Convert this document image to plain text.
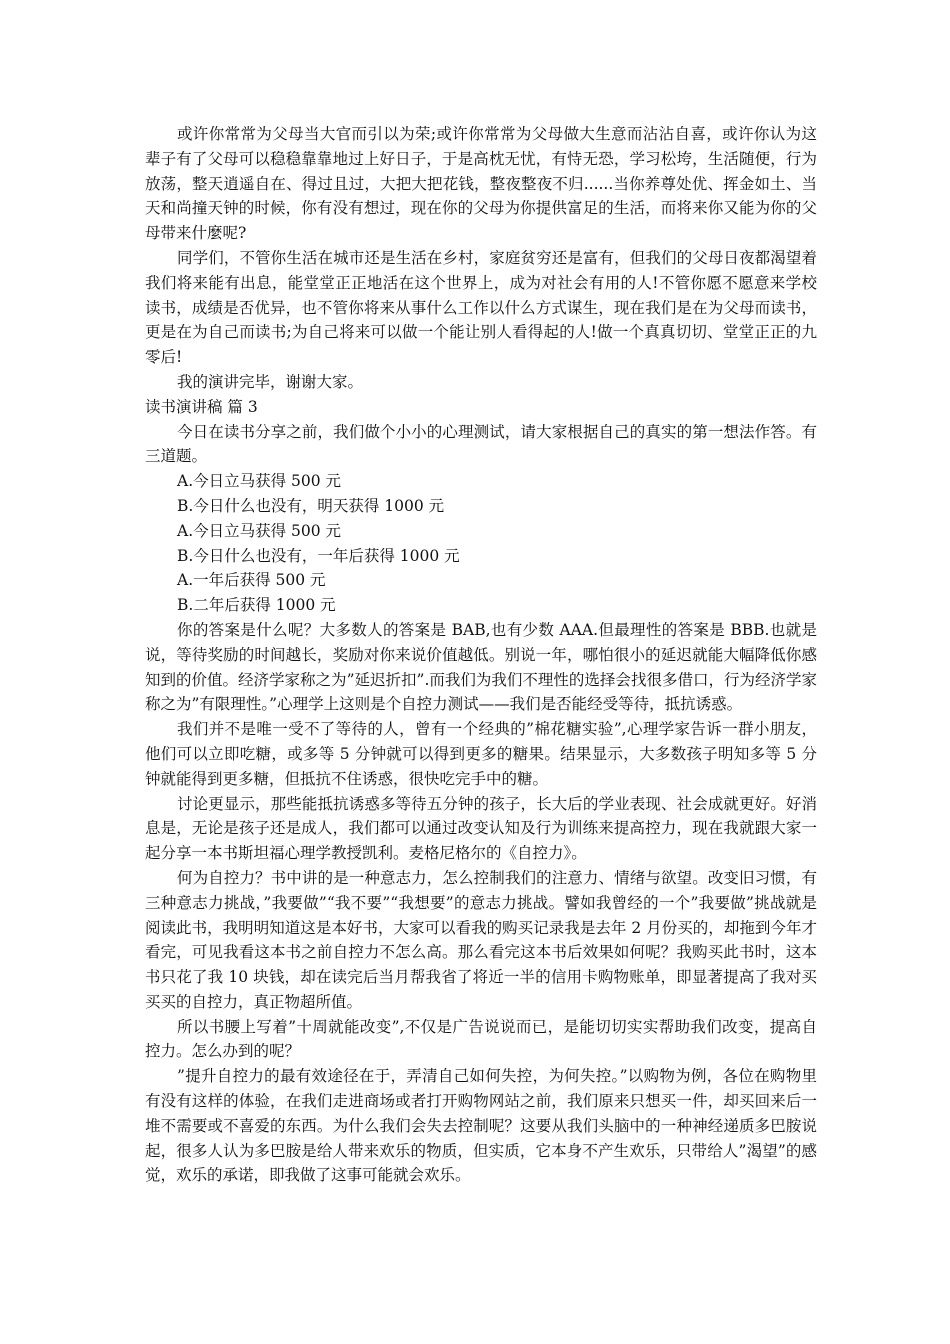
或许你常常为父母当大官而引以为荣;或许你常常为父母做大生意而沾沾自喜，或许你认为这辈子有了父母可以稳稳靠靠地过上好日子，于是高枕无忧，有恃无恐，学习松垮，生活随便，行为放荡，整天逍遥自在、得过且过，大把大把花钱，整夜整夜不归......当你养尊处优、挥金如土、当天和尚撞天钟的时候，你有没有想过，现在你的父母为你提供富足的生活，而将来你又能为你的父母带来什麼呢?

同学们，不管你生活在城市还是生活在乡村，家庭贫穷还是富有，但我们的父母日夜都渴望着我们将来能有出息，能堂堂正正地活在这个世界上，成为对社会有用的人!不管你愿不愿意来学校读书，成绩是否优异，也不管你将来从事什么工作以什么方式谋生，现在我们是在为父母而读书，更是在为自己而读书;为自己将来可以做一个能让别人看得起的人!做一个真真切切、堂堂正正的九零后!

我的演讲完毕，谢谢大家。

读书演讲稿 篇 3

今日在读书分享之前，我们做个小小的心理测试，请大家根据自己的真实的第一想法作答。有三道题。

A.今日立马获得 500 元

B.今日什么也没有，明天获得 1000 元

A.今日立马获得 500 元

B.今日什么也没有，一年后获得 1000 元

A.一年后获得 500 元

B.二年后获得 1000 元

你的答案是什么呢？大多数人的答案是 BAB,也有少数 AAA.但最理性的答案是 BBB.也就是说，等待奖励的时间越长，奖励对你来说价值越低。别说一年，哪怕很小的延迟就能大幅降低你感知到的价值。经济学家称之为”延迟折扣”.而我们为我们不理性的选择会找很多借口，行为经济学家称之为”有限理性。”心理学上这则是个自控力测试——我们是否能经受等待，抵抗诱惑。

我们并不是唯一受不了等待的人，曾有一个经典的”棉花糖实验”,心理学家告诉一群小朋友，他们可以立即吃糖，或多等 5 分钟就可以得到更多的糖果。结果显示，大多数孩子明知多等 5 分钟就能得到更多糖，但抵抗不住诱惑，很快吃完手中的糖。

讨论更显示，那些能抵抗诱惑多等待五分钟的孩子，长大后的学业表现、社会成就更好。好消息是，无论是孩子还是成人，我们都可以通过改变认知及行为训练来提高控力，现在我就跟大家一起分享一本书斯坦福心理学教授凯利。麦格尼格尔的《自控力》。

何为自控力？书中讲的是一种意志力，怎么控制我们的注意力、情绪与欲望。改变旧习惯，有三种意志力挑战，”我要做”“我不要”“我想要”的意志力挑战。譬如我曾经的一个”我要做”挑战就是阅读此书，我明明知道这是本好书，大家可以看我的购买记录我是去年 2 月份买的，却拖到今年才看完，可见我看这本书之前自控力不怎么高。那么看完这本书后效果如何呢？我购买此书时，这本书只花了我 10 块钱，却在读完后当月帮我省了将近一半的信用卡购物账单，即显著提高了我对买买买的自控力，真正物超所值。

所以书腰上写着”十周就能改变”,不仅是广告说说而已，是能切切实实帮助我们改变，提高自控力。怎么办到的呢？

”提升自控力的最有效途径在于，弄清自己如何失控，为何失控。”以购物为例，各位在购物里有没有这样的体验，在我们走进商场或者打开购物网站之前，我们原来只想买一件，却买回来后一堆不需要或不喜爱的东西。为什么我们会失去控制呢？这要从我们头脑中的一种神经递质多巴胺说起，很多人认为多巴胺是给人带来欢乐的物质，但实质，它本身不产生欢乐，只带给人”渴望”的感觉，欢乐的承诺，即我做了这事可能就会欢乐。
